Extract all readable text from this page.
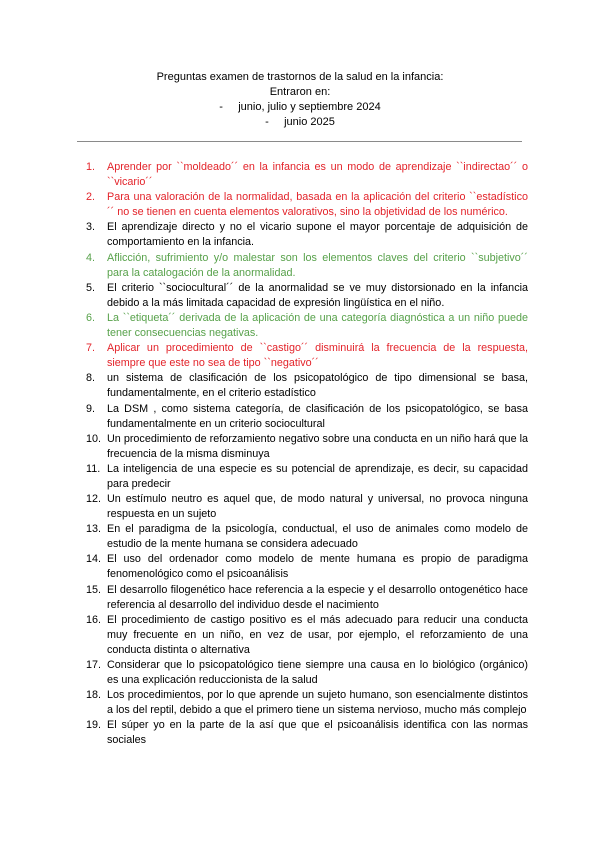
Preguntas examen de trastornos de la salud en la infancia:
Entraron en:
-     junio, julio y septiembre 2024
-     junio 2025
1.	Aprender por ``moldeado´´ en la infancia es un modo de aprendizaje ``indirectao´´ o ``vicario´´
2.	Para una valoración de la normalidad, basada en la aplicación del criterio ``estadístico ´´ no se tienen en cuenta elementos valorativos, sino la objetividad de los numérico.
3.	El aprendizaje directo y no el vicario supone el mayor porcentaje de adquisición de comportamiento en la infancia.
4.	Aflicción, sufrimiento y/o malestar son los elementos claves del criterio ``subjetivo´´ para la catalogación de la anormalidad.
5.	El criterio ``sociocultural´´ de la anormalidad se ve muy distorsionado en la infancia debido a la más limitada capacidad de expresión lingüística en el niño.
6.	La ``etiqueta´´ derivada de la aplicación de una categoría diagnóstica a un niño puede tener consecuencias negativas.
7.	Aplicar un procedimiento de ``castigo´´ disminuirá la frecuencia de la respuesta, siempre que este no sea de tipo ``negativo´´
8.	un sistema de clasificación de los psicopatológico de tipo dimensional se basa, fundamentalmente, en el criterio estadístico
9.	La DSM , como sistema categoría, de clasificación de los psicopatológico, se basa fundamentalmente en un criterio sociocultural
10. Un procedimiento de reforzamiento negativo sobre una conducta en un niño hará que la frecuencia de la misma disminuya
11. La inteligencia de una especie es su potencial de aprendizaje, es decir, su capacidad para predecir
12. Un estímulo neutro es aquel que, de modo natural y universal, no provoca ninguna respuesta en un sujeto
13. En el paradigma de la psicología, conductual, el uso de animales como modelo de estudio de la mente humana se considera adecuado
14. El uso del ordenador como modelo de mente humana es propio de paradigma fenomenológico como el psicoanálisis
15. El desarrollo filogenético hace referencia a la especie y el desarrollo ontogenético hace referencia al desarrollo del individuo desde el nacimiento
16. El procedimiento de castigo positivo es el más adecuado para reducir una conducta muy frecuente en un niño, en vez de usar, por ejemplo, el reforzamiento de una conducta distinta o alternativa
17. Considerar que lo psicopatológico tiene siempre una causa en lo biológico (orgánico) es una explicación reduccionista de la salud
18. Los procedimientos, por lo que aprende un sujeto humano, son esencialmente distintos a los del reptil, debido a que el primero tiene un sistema nervioso, mucho más complejo
19. El súper yo en la parte de la así que que el psicoanálisis identifica con las normas sociales
